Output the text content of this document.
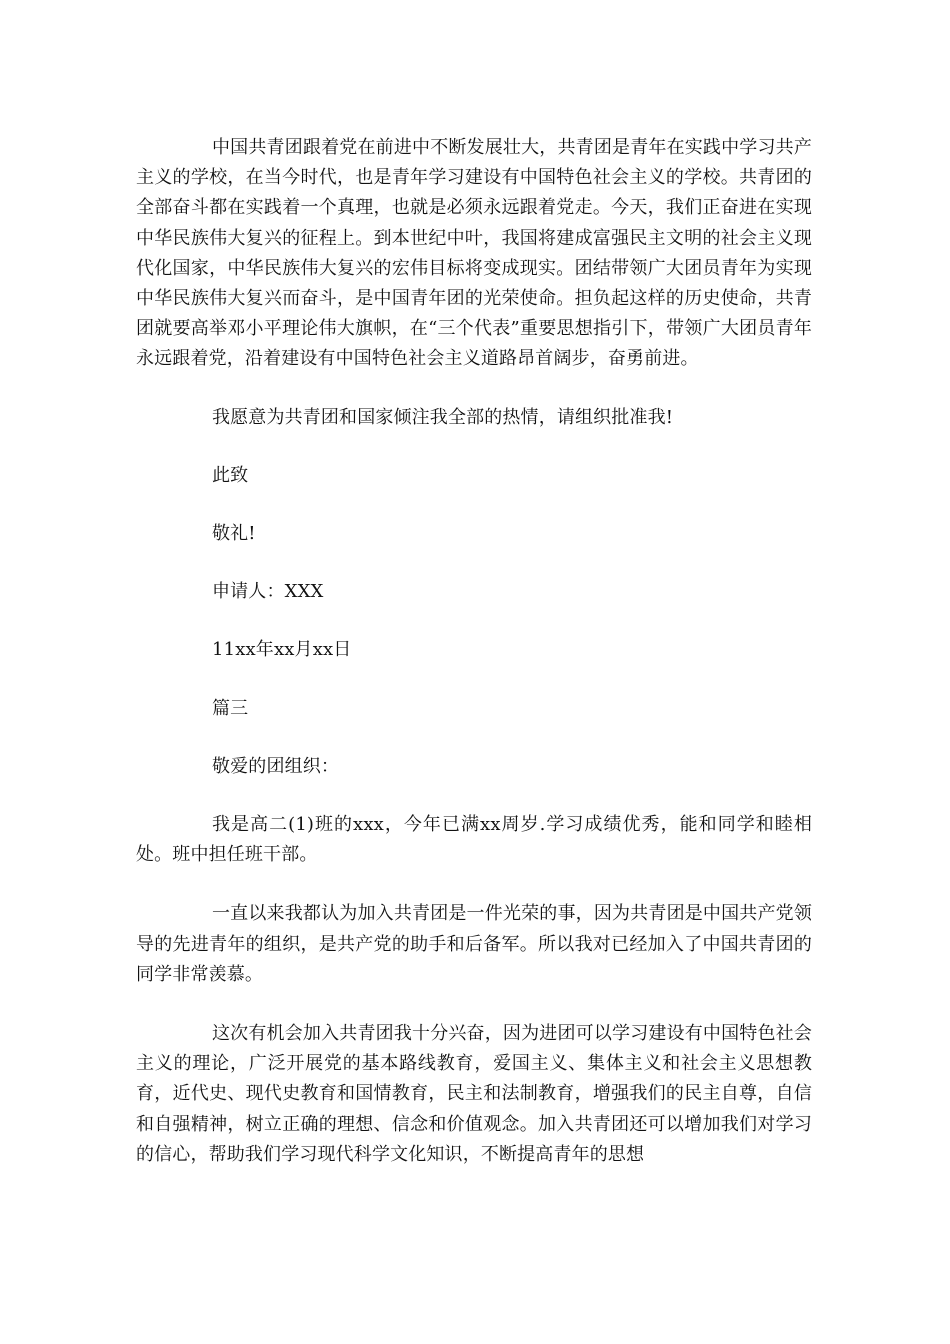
中国共青团跟着党在前进中不断发展壮大，共青团是青年在实践中学习共产主义的学校，在当今时代，也是青年学习建设有中国特色社会主义的学校。共青团的全部奋斗都在实践着一个真理，也就是必须永远跟着党走。今天，我们正奋进在实现中华民族伟大复兴的征程上。到本世纪中叶，我国将建成富强民主文明的社会主义现代化国家，中华民族伟大复兴的宏伟目标将变成现实。团结带领广大团员青年为实现中华民族伟大复兴而奋斗，是中国青年团的光荣使命。担负起这样的历史使命，共青团就要高举邓小平理论伟大旗帜，在“三个代表”重要思想指引下，带领广大团员青年永远跟着党，沿着建设有中国特色社会主义道路昂首阔步，奋勇前进。

我愿意为共青团和国家倾注我全部的热情，请组织批准我!

此致

敬礼!

申请人：XXX

11xx年xx月xx日

篇三

敬爱的团组织：

我是高二(1)班的xxx，今年已满xx周岁.学习成绩优秀，能和同学和睦相处。班中担任班干部。

一直以来我都认为加入共青团是一件光荣的事，因为共青团是中国共产党领导的先进青年的组织，是共产党的助手和后备军。所以我对已经加入了中国共青团的同学非常羡慕。

这次有机会加入共青团我十分兴奋，因为进团可以学习建设有中国特色社会主义的理论，广泛开展党的基本路线教育，爱国主义、集体主义和社会主义思想教育，近代史、现代史教育和国情教育，民主和法制教育，增强我们的民主自尊，自信和自强精神，树立正确的理想、信念和价值观念。加入共青团还可以增加我们对学习的信心，帮助我们学习现代科学文化知识，不断提高青年的思想
